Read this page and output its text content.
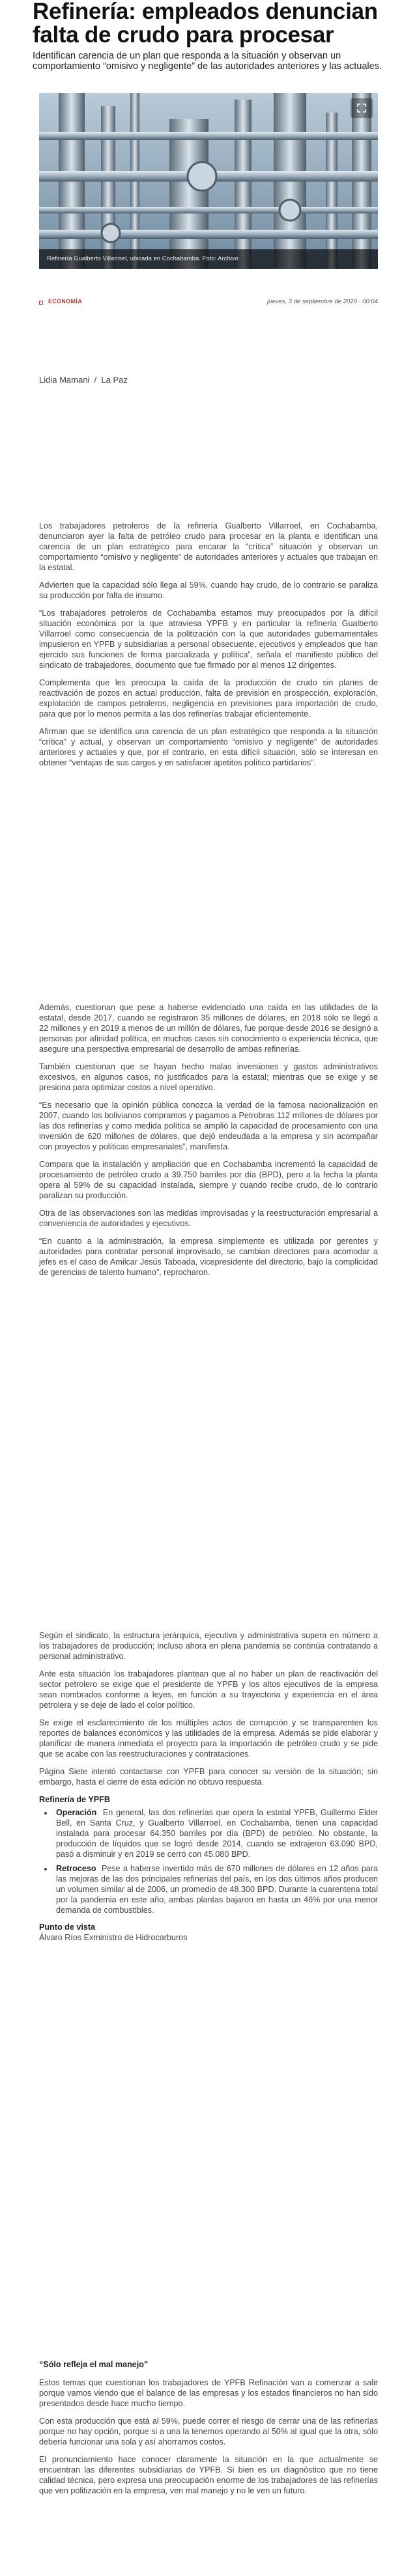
Refinería: empleados denuncian falta de crudo para procesar
Identifican carencia de un plan que responda a la situación y observan un comportamiento “omisivo y negligente” de las autoridades anteriores y las actuales.
Refinería Gualberto Villarroel, ubicada en Cochabamba. Foto: Archivo
ECONOMÍA	jueves, 3 de septiembre de 2020 · 00:04
Lidia Mamani / La Paz

Los trabajadores petroleros de la refinería Gualberto Villarroel, en Cochabamba, denunciaron ayer la falta de petróleo crudo para procesar en la planta e identifican una carencia de un plan estratégico para encarar la “crítica” situación y observan un comportamiento “omisivo y negligente” de autoridades anteriores y actuales que trabajan en la estatal.

Advierten que la capacidad sólo llega al 59%, cuando hay crudo, de lo contrario se paraliza su producción por falta de insumo.

“Los trabajadores petroleros de Cochabamba estamos muy preocupados por la difícil situación económica por la que atraviesa YPFB y en particular la refinería Gualberto Villarroel como consecuencia de la politización con la que autoridades gubernamentales impusieron en YPFB y subsidiarias a personal obsecuente, ejecutivos y empleados que han ejercido sus funciones de forma parcializada y política”, señala el manifiesto público del sindicato de trabajadores, documento que fue firmado por al menos 12 dirigentes.

Complementa que les preocupa la caída de la producción de crudo sin planes de reactivación de pozos en actual producción, falta de previsión en prospección, exploración, explotación de campos petroleros, negligencia en previsiones para importación de crudo, para que por lo menos permita a las dos refinerías trabajar eficientemente.

Afirman que se identifica una carencia de un plan estratégico que responda a la situación “crítica” y actual, y observan un comportamiento “omisivo y negligente” de autoridades anteriores y actuales y que, por el contrario, en esta difícil situación, sólo se interesan en obtener “ventajas de sus cargos y en satisfacer apetitos político partidarios”.

Además, cuestionan que pese a haberse evidenciado una caída en las utilidades de la estatal, desde 2017, cuando se registraron 35 millones de dólares, en 2018 sólo se llegó a 22 millones y en 2019 a menos de un millón de dólares, fue porque desde 2016 se designó a personas por afinidad política, en muchos casos sin conocimiento o experiencia técnica, que asegure una perspectiva empresarial de desarrollo de ambas refinerías.

También cuestionan que se hayan hecho malas inversiones y gastos administrativos excesivos, en algunos casos, no justificados para la estatal; mientras que se exige y se presiona para optimizar costos a nivel operativo.

“Es necesario que la opinión pública conozca la verdad de la famosa nacionalización en 2007, cuando los bolivianos compramos y pagamos a Petrobras 112 millones de dólares por las dos refinerías y como medida política se amplió la capacidad de procesamiento con una inversión de 620 millones de dólares, que dejó endeudada a la empresa y sin acompañar con proyectos y políticas empresariales”, manifiesta.

Compara que la instalación y ampliación que en Cochabamba incrementó la capacidad de procesamiento de petróleo crudo a 39.750 barriles por día (BPD), pero a la fecha la planta opera al 59% de su capacidad instalada, siempre y cuando recibe crudo, de lo contrario paralizan su producción.

Otra de las observaciones son las medidas improvisadas y la reestructuración empresarial a conveniencia de autoridades y ejecutivos.

“En cuanto a la administración, la empresa simplemente es utilizada por gerentes y autoridades para contratar personal improvisado, se cambian directores para acomodar a jefes es el caso de Amilcar Jesús Taboada, vicepresidente del directorio, bajo la complicidad de gerencias de talento humano”, reprocharon.

Según el sindicato, la estructura jerárquica, ejecutiva y administrativa supera en número a los trabajadores de producción; incluso ahora en plena pandemia se continúa contratando a personal administrativo.

Ante esta situación los trabajadores plantean que al no haber un plan de reactivación del sector petrolero se exige que el presidente de YPFB y los altos ejecutivos de la empresa sean nombrados conforme a leyes, en función a su trayectoria y experiencia en el área petrolera y se deje de lado el color político.

Se exige el esclarecimiento de los múltiples actos de corrupción y se transparenten los reportes de balances económicos y las utilidades de la empresa. Además se pide elaborar y planificar de manera inmediata el proyecto para la importación de petróleo crudo y se pide que se acabe con las reestructuraciones y contrataciones.

Página Siete intentó contactarse con YPFB para conocer su versión de la situación; sin embargo, hasta el cierre de esta edición no obtuvo respuesta.

Refinería de YPFB
• Operación En general, las dos refinerías que opera la estatal YPFB, Guillermo Elder Bell, en Santa Cruz, y Gualberto Villarroel, en Cochabamba, tienen una capacidad instalada para procesar 64.350 barriles por día (BPD) de petróleo. No obstante, la producción de líquidos que se logró desde 2014, cuando se extrajeron 63.090 BPD, pasó a disminuir y en 2019 se cerró con 45.080 BPD.
• Retroceso Pese a haberse invertido más de 670 millones de dólares en 12 años para las mejoras de las dos principales refinerías del país, en los dos últimos años producen un volumen similar al de 2006, un promedio de 48.300 BPD. Durante la cuarentena total por la pandemia en este año, ambas plantas bajaron en hasta un 46% por una menor demanda de combustibles.
Punto de vista
Álvaro Ríos Exministro de Hidrocarburos
“Sólo refleja el mal manejo”

Estos temas que cuestionan los trabajadores de YPFB Refinación van a comenzar a salir porque vamos viendo que el balance de las empresas y los estados financieros no han sido presentados desde hace mucho tiempo.

Con esta producción que está al 59%, puede correr el riesgo de cerrar una de las refinerías porque no hay opción, porque si a una la tenemos operando al 50% al igual que la otra, sólo debería funcionar una sola y así ahorramos costos.

El pronunciamiento hace conocer claramente la situación en la que actualmente se encuentran las diferentes subsidiarias de YPFB. Si bien es un diagnóstico que no tiene calidad técnica, pero expresa una preocupación enorme de los trabajadores de las refinerías que ven politización en la empresa, ven mal manejo y no le ven un futuro.
